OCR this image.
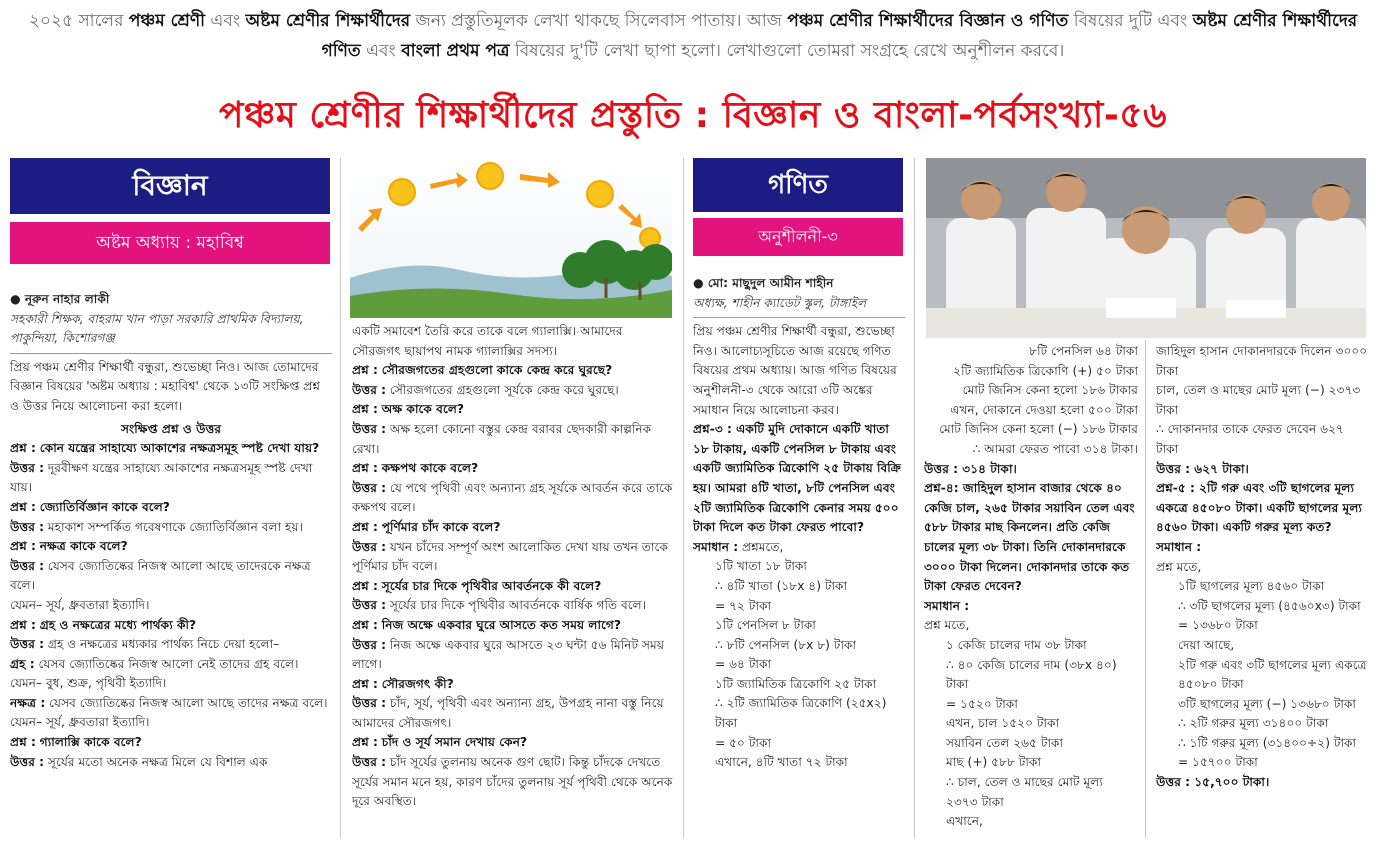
২০২৫ সালের পঞ্চম শ্রেণী এবং অষ্টম শ্রেণীর শিক্ষার্থীদের জন্য প্রস্তুতিমূলক লেখা থাকছে সিলেবাস পাতায়। আজ পঞ্চম শ্রেণীর শিক্ষার্থীদের বিজ্ঞান ও গণিত বিষয়ের দুটি এবং অষ্টম শ্রেণীর শিক্ষার্থীদের গণিত এবং বাংলা প্রথম পত্র বিষয়ের দু'টি লেখা ছাপা হলো। লেখাগুলো তোমরা সংগ্রহে রেখে অনুশীলন করবে।
পঞ্চম শ্রেণীর শিক্ষার্থীদের প্রস্তুতি : বিজ্ঞান ও বাংলা-পর্বসংখ্যা-৫৬
বিজ্ঞান
অষ্টম অধ্যায় : মহাবিশ্ব

● নূরুন নাহার লাকী

সহকারী শিক্ষক, বাহরাম খান পাড়া সরকারি প্রাথমিক বিদ্যালয়, পাকুন্দিয়া, কিশোরগঞ্জ

প্রিয় পঞ্চম শ্রেণীর শিক্ষার্থী বন্ধুরা, শুভেচ্ছা নিও। আজ তোমাদের বিজ্ঞান বিষয়ের 'অষ্টম অধ্যায় : মহাবিশ্ব' থেকে ১৩টি সংক্ষিপ্ত প্রশ্ন ও উত্তর নিয়ে আলোচনা করা হলো।

সংক্ষিপ্ত প্রশ্ন ও উত্তর

প্রশ্ন : কোন যন্ত্রের সাহায্যে আকাশের নক্ষত্রসমূহ স্পষ্ট দেখা যায়?

উত্তর : দূরবীক্ষণ যন্ত্রের সাহায্যে আকাশের নক্ষত্রসমূহ স্পষ্ট দেখা যায়।

প্রশ্ন : জ্যোতির্বিজ্ঞান কাকে বলে?

উত্তর : মহাকাশ সম্পর্কিত গবেষণাকে জ্যোতির্বিজ্ঞান বলা হয়।

প্রশ্ন : নক্ষত্র কাকে বলে?

উত্তর : যেসব জ্যোতিষ্কের নিজস্ব আলো আছে তাদেরকে নক্ষত্র বলে।

যেমন– সূর্য, ধ্রুবতারা ইত্যাদি।

প্রশ্ন : গ্রহ ও নক্ষত্রের মধ্যে পার্থক্য কী?

উত্তর : গ্রহ ও নক্ষত্রের মধ্যকার পার্থক্য নিচে দেয়া হলো–

গ্রহ : যেসব জ্যোতিষ্কের নিজস্ব আলো নেই তাদের গ্রহ বলে। যেমন– বুধ, শুক্র, পৃথিবী ইত্যাদি।

নক্ষত্র : যেসব জ্যোতিষ্কের নিজস্ব আলো আছে তাদের নক্ষত্র বলে। যেমন– সূর্য, ধ্রুবতারা ইত্যাদি।

প্রশ্ন : গ্যালাক্সি কাকে বলে?

উত্তর : সূর্যের মতো অনেক নক্ষত্র মিলে যে বিশাল এক

একটি সমাবেশ তৈরি করে তাকে বলে গ্যালাক্সি। আমাদের সৌরজগৎ ছায়াপথ নামক গ্যালাক্সির সদস্য।

প্রশ্ন : সৌরজগতের গ্রহগুলো কাকে কেন্দ্র করে ঘুরছে?

উত্তর : সৌরজগতের গ্রহগুলো সূর্যকে কেন্দ্র করে ঘুরছে।

প্রশ্ন : অক্ষ কাকে বলে?

উত্তর : অক্ষ হলো কোনো বস্তুর কেন্দ্র বরাবর ছেদকারী কাল্পনিক রেখা।

প্রশ্ন : কক্ষপথ কাকে বলে?

উত্তর : যে পথে পৃথিবী এবং অন্যান্য গ্রহ সূর্যকে আবর্তন করে তাকে কক্ষপথ বলে।

প্রশ্ন : পূর্ণিমার চাঁদ কাকে বলে?

উত্তর : যখন চাঁদের সম্পূর্ণ অংশ আলোকিত দেখা যায় তখন তাকে পূর্ণিমার চাঁদ বলে।

প্রশ্ন : সূর্যের চার দিকে পৃথিবীর আবর্তনকে কী বলে?

উত্তর : সূর্যের চার দিকে পৃথিবীর আবর্তনকে বার্ষিক গতি বলে।

প্রশ্ন : নিজ অক্ষে একবার ঘুরে আসতে কত সময় লাগে?

উত্তর : নিজ অক্ষে একবার ঘুরে আসতে ২৩ ঘন্টা ৫৬ মিনিট সময় লাগে।

প্রশ্ন : সৌরজগৎ কী?

উত্তর : চাঁদ, সূর্য, পৃথিবী এবং অন্যান্য গ্রহ, উপগ্রহ নানা বস্তু নিয়ে আমাদের সৌরজগৎ।

প্রশ্ন : চাঁদ ও সূর্য সমান দেখায় কেন?

উত্তর : চাঁদ সূর্যের তুলনায় অনেক গুণ ছোট। কিন্তু চাঁদকে দেখতে সূর্যের সমান মনে হয়, কারণ চাঁদের তুলনায় সূর্য পৃথিবী থেকে অনেক দূরে অবস্থিত।

গণিত
অনুশীলনী-৩

● মো: মাছুদুল আমীন শাহীন

অধ্যক্ষ, শাহীন ক্যাডেট স্কুল, টাঙ্গাইল

প্রিয় পঞ্চম শ্রেণীর শিক্ষার্থী বন্ধুরা, শুভেচ্ছা নিও। আলোচ্যসূচিতে আজ রয়েছে গণিত বিষয়ের প্রথম অধ্যায়। আজ গণিত বিষয়ের অনুশীলনী-৩ থেকে আরো ৩টি অঙ্কের সমাধান নিয়ে আলোচনা করব।

প্রশ্ন-৩ : একটি মুদি দোকানে একটি খাতা ১৮ টাকায়, একটি পেনসিল ৮ টাকায় এবং একটি জ্যামিতিক ত্রিকোণি ২৫ টাকায় বিক্রি হয়। আমরা ৪টি খাতা, ৮টি পেনসিল এবং ২টি জ্যামিতিক ত্রিকোণি কেনার সময় ৫০০ টাকা দিলে কত টাকা ফেরত পাবো?

সমাধান : প্রশ্নমতে,

১টি খাতা ১৮ টাকা

∴ ৪টি খাতা (১৮x ৪) টাকা

= ৭২ টাকা

১টি পেনসিল ৮ টাকা

∴ ৮টি পেনসিল (৮x ৮) টাকা

= ৬৪ টাকা

১টি জ্যামিতিক ত্রিকোণি ২৫ টাকা

∴ ২টি জ্যামিতিক ত্রিকোণি (২৫x২) টাকা

= ৫০ টাকা

এখানে, ৪টি খাতা ৭২ টাকা

৮টি পেনসিল ৬৪ টাকা

২টি জ্যামিতিক ত্রিকোণি (+) ৫০ টাকা

মোট জিনিস কেনা হলো ১৮৬ টাকার

এখন, দোকানে দেওয়া হলো ৫০০ টাকা

মোট জিনিস কেনা হলো (−) ১৮৬ টাকার

∴ আমরা ফেরত পাবো ৩১৪ টাকা।

উত্তর : ৩১৪ টাকা।

প্রশ্ন-৪: জাহিদুল হাসান বাজার থেকে ৪০ কেজি চাল, ২৬৫ টাকার সয়াবিন তেল এবং ৫৮৮ টাকার মাছ কিনলেন। প্রতি কেজি চালের মূল্য ৩৮ টাকা। তিনি দোকানদারকে ৩০০০ টাকা দিলেন। দোকানদার তাকে কত টাকা ফেরত দেবেন?

সমাধান :

প্রশ্ন মতে,

১ কেজি চালের দাম ৩৮ টাকা

∴ ৪০ কেজি চালের দাম (৩৮x ৪০) টাকা

= ১৫২০ টাকা

এখন, চাল ১৫২০ টাকা

সয়াবিন তেল ২৬৫ টাকা

মাছ (+) ৫৮৮ টাকা

∴ চাল, তেল ও মাছের মোট মূল্য ২৩৭৩ টাকা

এখানে,

জাহিদুল হাসান দোকানদারকে দিলেন ৩০০০ টাকা

চাল, তেল ও মাছের মোট মূল্য (−) ২৩৭৩ টাকা

∴ দোকানদার তাকে ফেরত দেবেন ৬২৭ টাকা

উত্তর : ৬২৭ টাকা।

প্রশ্ন-৫ : ২টি গরু এবং ৩টি ছাগলের মূল্য একত্রে ৪৫০৮০ টাকা। একটি ছাগলের মূল্য ৪৫৬০ টাকা। একটি গরুর মূল্য কত?

সমাধান :

প্রশ্ন মতে,

১টি ছাগলের মূল্য ৪৫৬০ টাকা

∴ ৩টি ছাগলের মূল্য (৪৫৬০x৩) টাকা

= ১৩৬৮০ টাকা

দেয়া আছে,

২টি গরু এবং ৩টি ছাগলের মূল্য একত্রে ৪৫০৮০ টাকা

৩টি ছাগলের মূল্য (−) ১৩৬৮০ টাকা

∴ ২টি গরুর মূল্য ৩১৪০০ টাকা

∴ ১টি গরুর মূল্য (৩১৪০০÷২) টাকা

= ১৫৭০০ টাকা

উত্তর : ১৫,৭০০ টাকা।
